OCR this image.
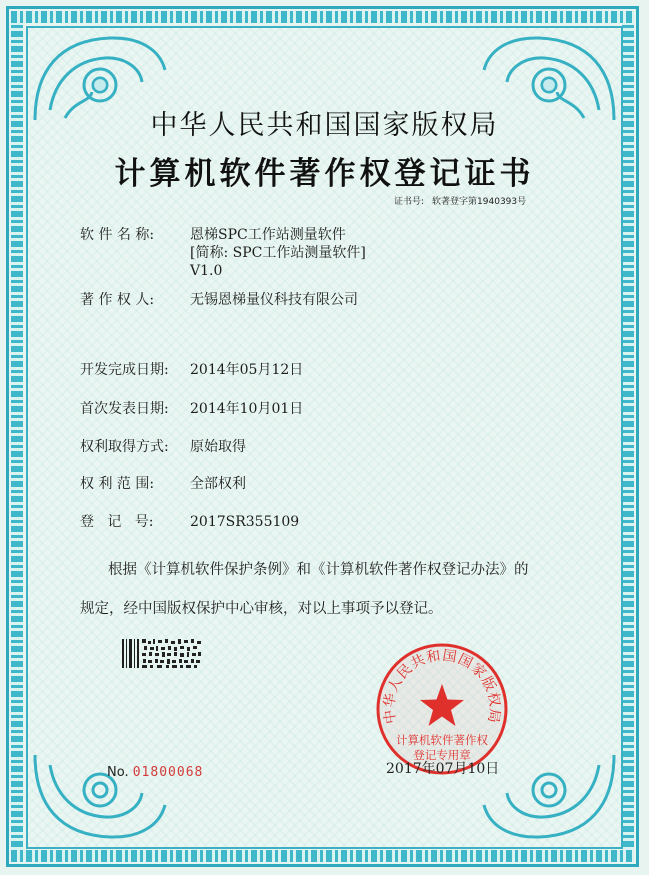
中华人民共和国国家版权局
计算机软件著作权登记证书
证书号: 软著登字第1940393号
软 件 名 称:	恩梯SPC工作站测量软件
[简称: SPC工作站测量软件]
V1.0
著 作 权 人:	无锡恩梯量仪科技有限公司
开发完成日期: 2014年05月12日
首次发表日期: 2014年10月01日
权利取得方式: 原始取得
权 利 范 围:	全部权利
登   记   号:	2017SR355109
根据《计算机软件保护条例》和《计算机软件著作权登记办法》的
规定，经中国版权保护中心审核，对以上事项予以登记。
No. 01800068
中华人民共和国国家版权局
计算机软件著作权
登记专用章
2017年07月10日
